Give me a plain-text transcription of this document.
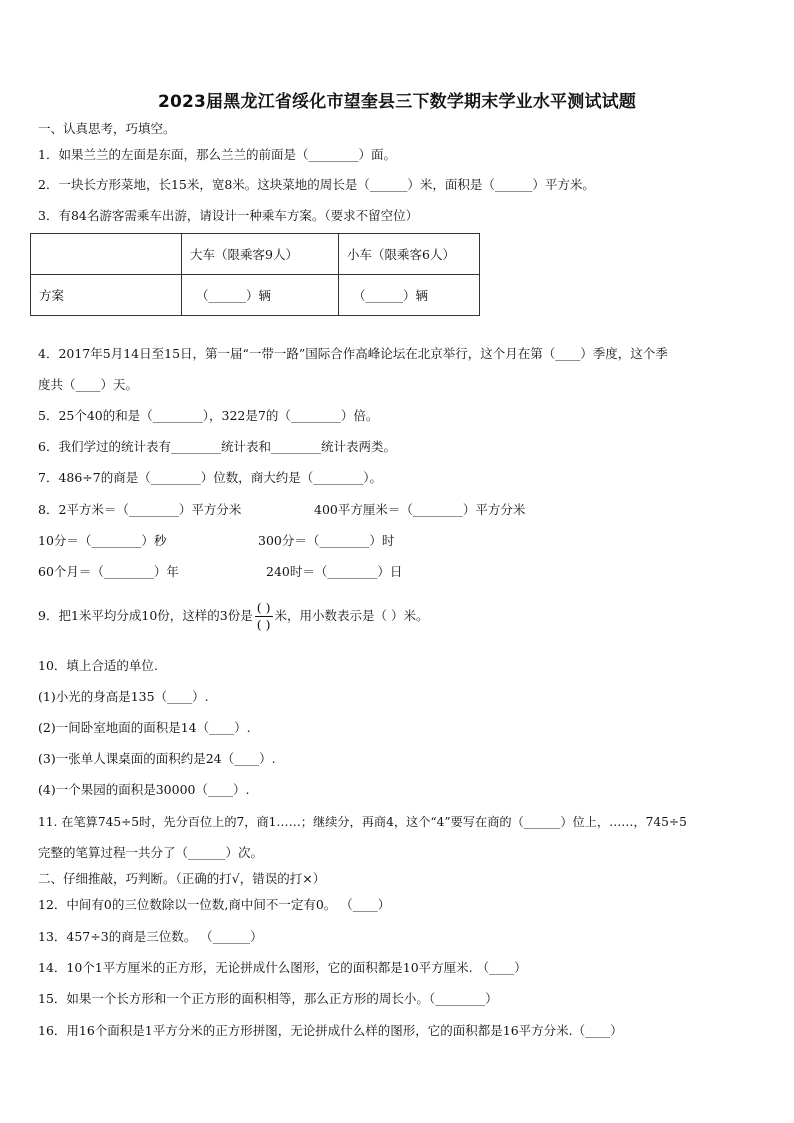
2023届黑龙江省绥化市望奎县三下数学期末学业水平测试试题
一、认真思考，巧填空。
1．如果兰兰的左面是东面，那么兰兰的前面是（________）面。
2．一块长方形菜地，长15米，宽8米。这块菜地的周长是（______）米，面积是（______）平方米。
3．有84名游客需乘车出游，请设计一种乘车方案。（要求不留空位）
	大车（限乘客9人）	小车（限乘客6人）
方案	（______）辆	（______）辆
4．2017年5月14日至15日，第一届“一带一路”国际合作高峰论坛在北京举行，这个月在第（____）季度，这个季
度共（____）天。
5．25个40的和是（________），322是7的（________）倍。
6．我们学过的统计表有________统计表和________统计表两类。
7．486÷7的商是（________）位数，商大约是（________）。
8．2平方米＝（________）平方分米	400平方厘米＝（________）平方分米
10分＝（________）秒	300分＝（________）时
60个月＝（________）年	240时＝（________）日
9．把1米平均分成10份，这样的3份是 $\frac{( )}{( )}$ 米，用小数表示是（ ）米。
10．填上合适的单位.
(1)小光的身高是135（____）.
(2)一间卧室地面的面积是14（____）.
(3)一张单人课桌面的面积约是24（____）.
(4)一个果园的面积是30000（____）.
11. 在笔算745÷5时，先分百位上的7，商1……；继续分，再商4，这个“4”要写在商的（______）位上，……，745÷5
完整的笔算过程一共分了（______）次。
二、仔细推敲，巧判断。（正确的打√，错误的打×）
12．中间有0的三位数除以一位数,商中间不一定有0。 （____）
13．457÷3的商是三位数。 （______）
14．10个1平方厘米的正方形，无论拼成什么图形，它的面积都是10平方厘米. （____）
15．如果一个长方形和一个正方形的面积相等，那么正方形的周长小。（________）
16．用16个面积是1平方分米的正方形拼图，无论拼成什么样的图形，它的面积都是16平方分米.（____）
